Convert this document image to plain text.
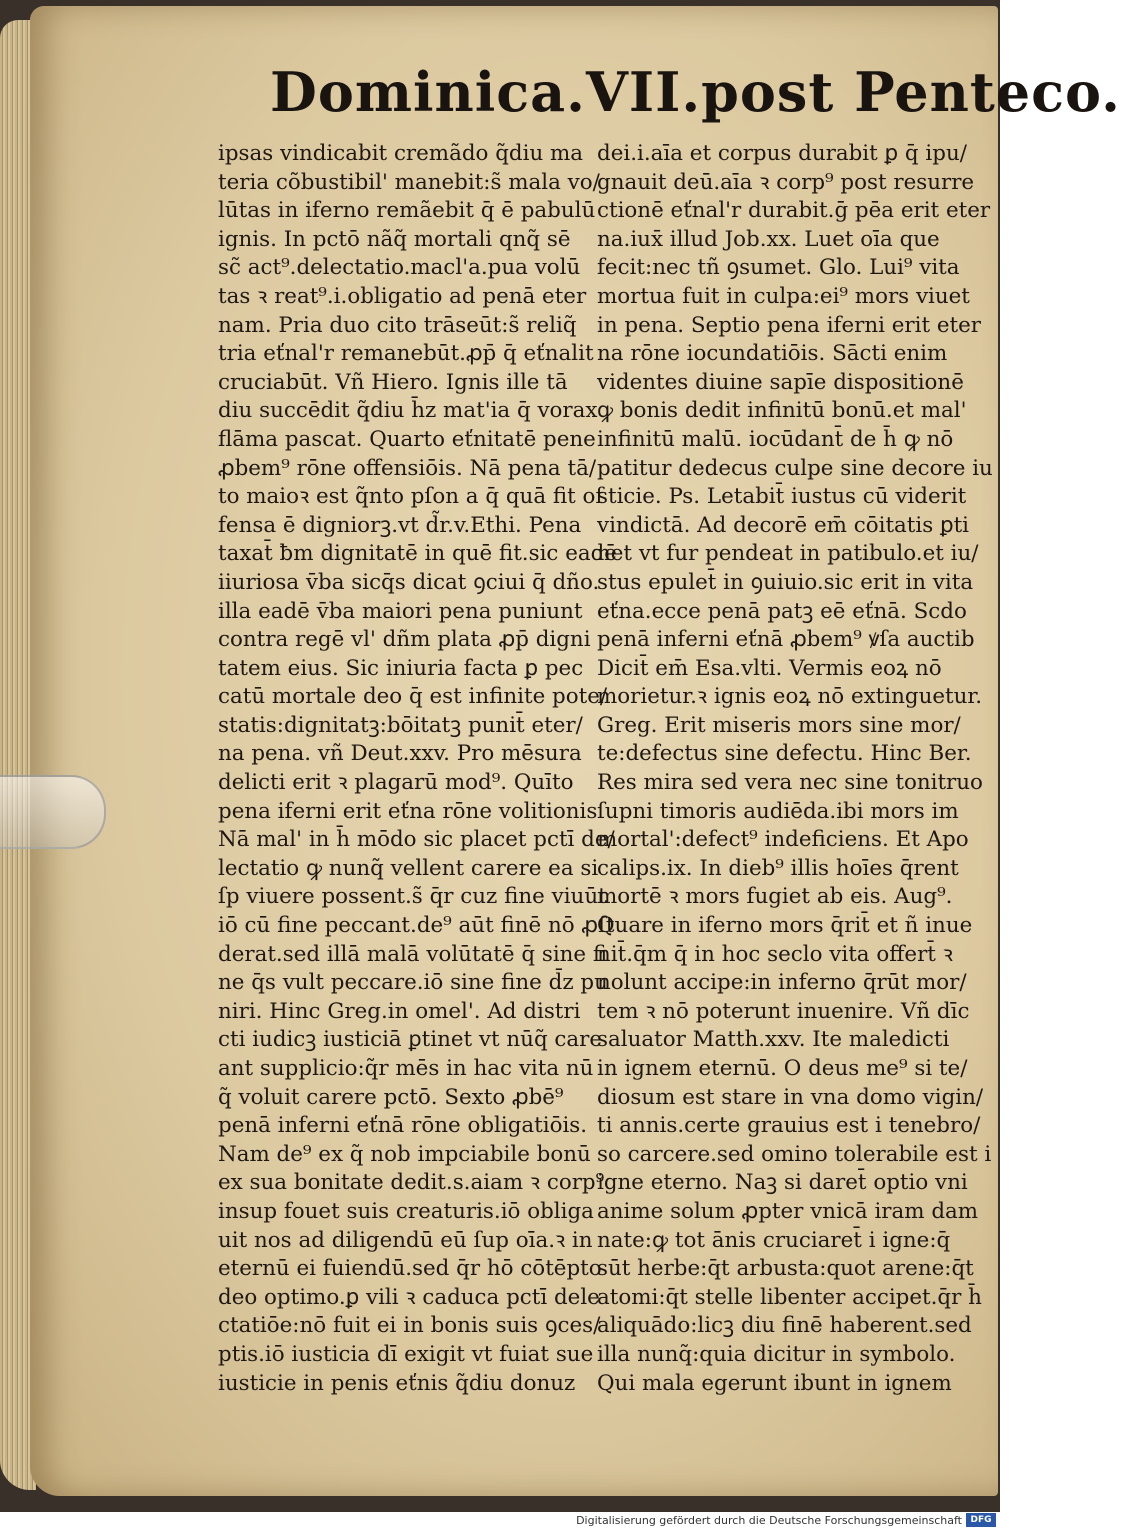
Dominica.VII.post Penteco.
ipsas vindicabit cremãdo q̃diu ma
teria cõbustibil' manebit:s̃ mala vo/
lūtas in iferno remãebit q̄ ē pabulū
ignis. In pctō nãq̃ mortali qnq̃ sē
sc̃ act⁹.delectatio.macl'a.pua volū
tas ꝛ reat⁹.i.obligatio ad penā eter
nam. Pria duo cito trāseūt:s̃ reliq̃
tria eťnal'r remanebūt.ꝓp̄ q̄ eťnalit
cruciabūt. Vñ Hiero. Ignis ille tā
diu succēdit q̃diu h̄z mat'ia q̄ vorax
flāma pascat. Quarto eťnitatē pene
ꝓbem⁹ rōne offensiōis. Nā pena tā/
to maioꝛ est q̃nto pſon a q̄ quā fit of
fensa ē digniorꝫ.vt d̃r.v.Ethi. Pena
taxat̄ ƀm dignitatē in quē fit.sic eadē
iiuriosa v̄ba sicq̄s dicat ꝯciui q̄ dño.
illa eadē v̄ba maiori pena puniunt
contra regē vl' dñm plata ꝓp̄ digni
tatem eius. Sic iniuria facta ꝑ pec
catū mortale deo q̄ est infinite pote/
statis:dignitatꝫ:bōitatꝫ punit̄ eter/
na pena. vñ Deut.xxv. Pro mēsura
delicti erit ꝛ plagarū mod⁹. Quīto
pena iferni erit eťna rōne volitionis
Nā mal' in h̄ mōdo sic placet pctī de/
lectatio ꝙ nunq̃ vellent carere ea si
ſp viuere possent.s̃ q̄r cuz fine viuūt
iō cū fine peccant.de⁹ aūt finē nō ꝓſt
derat.sed illā malā volūtatē q̄ sine fi
ne q̄s vult peccare.iō sine fine d̄z pu
niri. Hinc Greg.in omel'. Ad distri
cti iudicꝫ iusticiā ꝑtinet vt nūq̃ care
ant supplicio:q̃r mēs in hac vita nū
q̃ voluit carere pctō. Sexto ꝓbē⁹
penā inferni eťnā rōne obligatiōis.
Nam de⁹ ex q̃ nob impciabile bonū
ex sua bonitate dedit.s.aiam ꝛ corp⁹
insup fouet suis creaturis.iō obliga
uit nos ad diligendū eū ſup oīa.ꝛ in
eternū ei fuiendū.sed q̄r hō cōtēpto
deo optimo.ꝑ vili ꝛ caduca pctī dele
ctatiōe:nō fuit ei in bonis suis ꝯces/
ptis.iō iusticia dī exigit vt fuiat sue
iusticie in penis eťnis q̃diu donuz
dei.i.aīa et corpus durabit ꝑ q̄ ipu/
gnauit deū.aīa ꝛ corp⁹ post resurre
ctionē eťnal'r durabit.ḡ pēa erit eter
na.iux̄ illud Job.xx. Luet oīa que
fecit:nec tñ ꝯsumet. Glo. Lui⁹ vita
mortua fuit in culpa:ei⁹ mors viuet
in pena. Septio pena iferni erit eter
na rōne iocundatiōis. Sācti enim
videntes diuine sapīe dispositionē
ꝙ bonis dedit infinitū bonū.et mal'
infinitū malū. iocūdant̄ de h̄ ꝙ nō
patitur dedecus culpe sine decore iu
sticie. Ps. Letabit̄ iustus cū viderit
vindictā. Ad decorē em̄ cōitatis ꝑti
net vt fur pendeat in patibulo.et iu/
stus epulet̄ in ꝯuiuio.sic erit in vita
eťna.ecce penā patꝫ eē eťnā. Scdo
penā inferni eťnā ꝓbem⁹ ꝟſa auctib
Dicit̄ em̄ Esa.vlti. Vermis eoꝝ nō
morietur.ꝛ ignis eoꝝ nō extinguetur.
Greg. Erit miseris mors sine mor/
te:defectus sine defectu. Hinc Ber.
Res mira sed vera nec sine tonitruo
ſupni timoris audiēda.ibi mors im
mortal':defect⁹ indeficiens. Et Apo
calips.ix. In dieb⁹ illis hoīes q̄rent
mortē ꝛ mors fugiet ab eis. Aug⁹.
Quare in iferno mors q̄rit̄ et ñ inue
nit̄.q̄m q̄ in hoc seclo vita offert̄ ꝛ
nolunt accipe:in inferno q̄rūt mor/
tem ꝛ nō poterunt inuenire. Vñ dīc
saluator Matth.xxv. Ite maledicti
in ignem eternū. O deus me⁹ si te/
diosum est stare in vna domo vigin/
ti annis.certe grauius est i tenebro/
so carcere.sed omino tolerabile est i
igne eterno. Naꝫ si daret̄ optio vni
anime solum ꝓpter vnicā iram dam
nate:ꝙ tot ānis cruciaret̄ i igne:q̄
sūt herbe:q̄t arbusta:quot arene:q̄t
atomi:q̄t stelle libenter accipet.q̄r h̄
aliquādo:licꝫ diu finē haberent.sed
illa nunq̃:quia dicitur in symbolo.
Qui mala egerunt ibunt in ignem
Digitalisierung gefördert durch die Deutsche Forschungsgemeinschaft DFG
